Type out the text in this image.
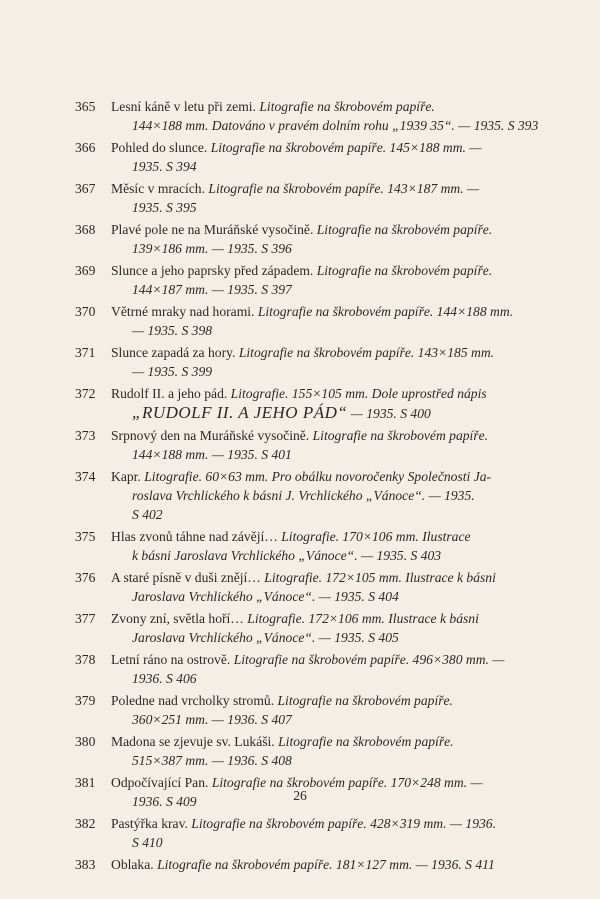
365	Lesní káně v letu při zemi. Litografie na škrobovém papíře.
144×188 mm. Datováno v pravém dolním rohu „1939 35“. — 1935. S 393
366	Pohled do slunce. Litografie na škrobovém papíře. 145×188 mm. —
1935. S 394
367	Měsíc v mracích. Litografie na škrobovém papíře. 143×187 mm. —
1935. S 395
368	Plavé pole ne na Muráňské vysočině. Litografie na škrobovém papíře.
139×186 mm. — 1935. S 396
369	Slunce a jeho paprsky před západem. Litografie na škrobovém papíře.
144×187 mm. — 1935. S 397
370	Větrné mraky nad horami. Litografie na škrobovém papíře. 144×188 mm.
— 1935. S 398
371	Slunce zapadá za hory. Litografie na škrobovém papíře. 143×185 mm.
— 1935. S 399
372	Rudolf II. a jeho pád. Litografie. 155×105 mm. Dole uprostřed nápis
„RUDOLF II. A JEHO PÁD“ — 1935. S 400
373	Srpnový den na Muráňské vysočině. Litografie na škrobovém papíře.
144×188 mm. — 1935. S 401
374	Kapr. Litografie. 60×63 mm. Pro obálku novoročenky Společnosti Ja-
roslava Vrchlického k básni J. Vrchlického „Vánoce“. — 1935.
S 402
375	Hlas zvonů táhne nad závějí… Litografie. 170×106 mm. Ilustrace
k básni Jaroslava Vrchlického „Vánoce“. — 1935. S 403
376	A staré písně v duši znějí… Litografie. 172×105 mm. Ilustrace k básni
Jaroslava Vrchlického „Vánoce“. — 1935. S 404
377	Zvony zní, světla hoří… Litografie. 172×106 mm. Ilustrace k básni
Jaroslava Vrchlického „Vánoce“. — 1935. S 405
378	Letní ráno na ostrově. Litografie na škrobovém papíře. 496×380 mm. —
1936. S 406
379	Poledne nad vrcholky stromů. Litografie na škrobovém papíře.
360×251 mm. — 1936. S 407
380	Madona se zjevuje sv. Lukáši. Litografie na škrobovém papíře.
515×387 mm. — 1936. S 408
381	Odpočívající Pan. Litografie na škrobovém papíře. 170×248 mm. —
1936. S 409
382	Pastýřka krav. Litografie na škrobovém papíře. 428×319 mm. — 1936.
S 410
383	Oblaka. Litografie na škrobovém papíře. 181×127 mm. — 1936. S 411
26
